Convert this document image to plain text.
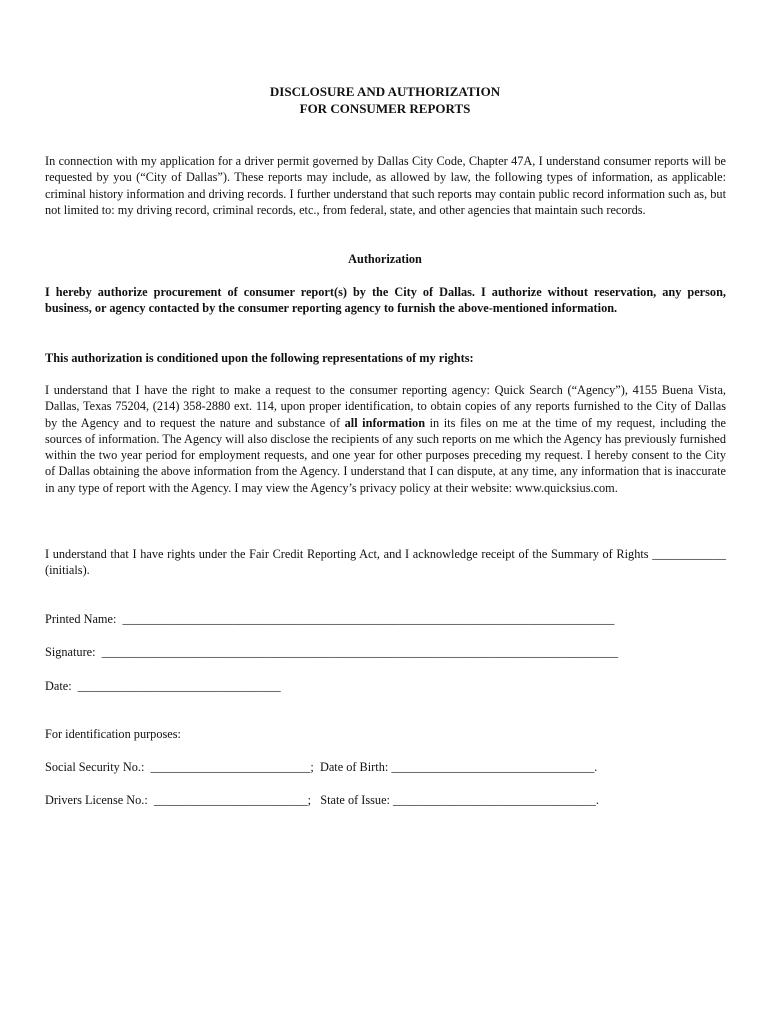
DISCLOSURE AND AUTHORIZATION
FOR CONSUMER REPORTS
In connection with my application for a driver permit governed by Dallas City Code, Chapter 47A, I understand consumer reports will be requested by you (“City of Dallas”). These reports may include, as allowed by law, the following types of information, as applicable: criminal history information and driving records. I further understand that such reports may contain public record information such as, but not limited to: my driving record, criminal records, etc., from federal, state, and other agencies that maintain such records.
Authorization
I hereby authorize procurement of consumer report(s) by the City of Dallas. I authorize without reservation, any person, business, or agency contacted by the consumer reporting agency to furnish the above-mentioned information.
This authorization is conditioned upon the following representations of my rights:
I understand that I have the right to make a request to the consumer reporting agency: Quick Search (“Agency”), 4155 Buena Vista, Dallas, Texas 75204, (214) 358-2880 ext. 114, upon proper identification, to obtain copies of any reports furnished to the City of Dallas by the Agency and to request the nature and substance of all information in its files on me at the time of my request, including the sources of information. The Agency will also disclose the recipients of any such reports on me which the Agency has previously furnished within the two year period for employment requests, and one year for other purposes preceding my request. I hereby consent to the City of Dallas obtaining the above information from the Agency. I understand that I can dispute, at any time, any information that is inaccurate in any type of report with the Agency. I may view the Agency’s privacy policy at their website: www.quicksius.com.
I understand that I have rights under the Fair Credit Reporting Act, and I acknowledge receipt of the Summary of Rights ____________ (initials).
Printed Name:  ________________________________________________________________________________
Signature:  ____________________________________________________________________________________
Date:  _________________________________
For identification purposes:
Social Security No.:  __________________________;  Date of Birth: _________________________________.
Drivers License No.:  _________________________;   State of Issue: _________________________________.
